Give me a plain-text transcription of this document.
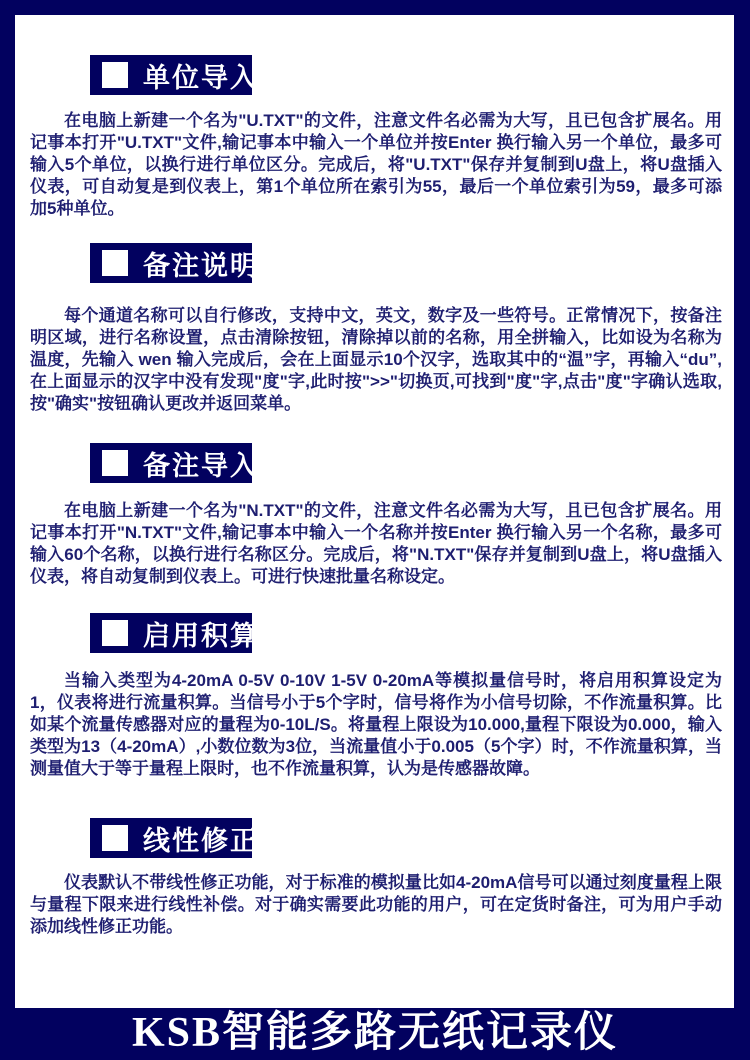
单位导入

在电脑上新建一个名为"U.TXT"的文件，注意文件名必需为大写，且已包含扩展名。用记事本打开"U.TXT"文件,输记事本中输入一个单位并按Enter 换行输入另一个单位，最多可输入5个单位，以换行进行单位区分。完成后，将"U.TXT"保存并复制到U盘上，将U盘插入仪表，可自动复是到仪表上，第1个单位所在索引为55，最后一个单位索引为59，最多可添加5种单位。

备注说明

每个通道名称可以自行修改，支持中文，英文，数字及一些符号。正常情况下，按备注明区域，进行名称设置，点击清除按钮，清除掉以前的名称，用全拼输入，比如设为名称为温度，先输入 wen 输入完成后，会在上面显示10个汉字，选取其中的“温”字，再输入“du”,在上面显示的汉字中没有发现"度"字,此时按">>"切换页,可找到"度"字,点击"度"字确认选取,按"确实"按钮确认更改并返回菜单。

备注导入

在电脑上新建一个名为"N.TXT"的文件，注意文件名必需为大写，且已包含扩展名。用记事本打开"N.TXT"文件,输记事本中输入一个名称并按Enter 换行输入另一个名称，最多可输入60个名称，以换行进行名称区分。完成后，将"N.TXT"保存并复制到U盘上，将U盘插入仪表，将自动复制到仪表上。可进行快速批量名称设定。

启用积算

当输入类型为4-20mA 0-5V 0-10V 1-5V 0-20mA等模拟量信号时，将启用积算设定为1，仪表将进行流量积算。当信号小于5个字时，信号将作为小信号切除，不作流量积算。比如某个流量传感器对应的量程为0-10L/S。将量程上限设为10.000,量程下限设为0.000，输入类型为13（4-20mA）,小数位数为3位，当流量值小于0.005（5个字）时，不作流量积算，当测量值大于等于量程上限时，也不作流量积算，认为是传感器故障。

线性修正

仪表默认不带线性修正功能，对于标准的模拟量比如4-20mA信号可以通过刻度量程上限与量程下限来进行线性补偿。对于确实需要此功能的用户，可在定货时备注，可为用户手动添加线性修正功能。

KSB智能多路无纸记录仪
